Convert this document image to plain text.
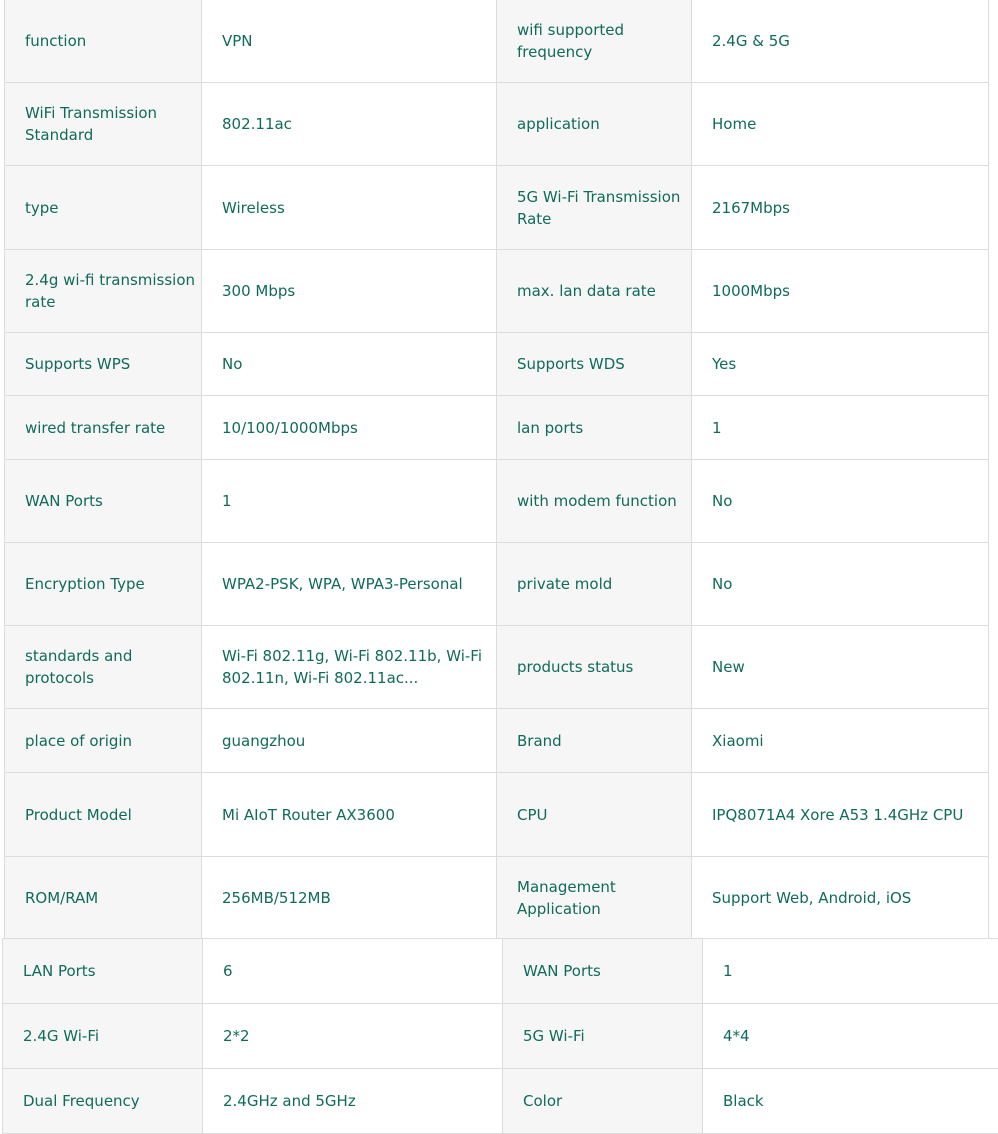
function	VPN	wifi supported frequency	2.4G & 5G
WiFi Transmission Standard	802.11ac	application	Home
type	Wireless	5G Wi-Fi Transmission Rate	2167Mbps
2.4g wi-fi transmission rate	300 Mbps	max. lan data rate	1000Mbps
Supports WPS	No	Supports WDS	Yes
wired transfer rate	10/100/1000Mbps	lan ports	1
WAN Ports	1	with modem function	No
Encryption Type	WPA2-PSK, WPA, WPA3-Personal	private mold	No
standards and protocols	Wi-Fi 802.11g, Wi-Fi 802.11b, Wi-Fi 802.11n, Wi-Fi 802.11ac...	products status	New
place of origin	guangzhou	Brand	Xiaomi
Product Model	Mi AIoT Router AX3600	CPU	IPQ8071A4 Xore A53 1.4GHz CPU
ROM/RAM	256MB/512MB	Management Application	Support Web, Android, iOS
LAN Ports	6	WAN Ports	1
2.4G Wi-Fi	2*2	5G Wi-Fi	4*4
Dual Frequency	2.4GHz and 5GHz	Color	Black
